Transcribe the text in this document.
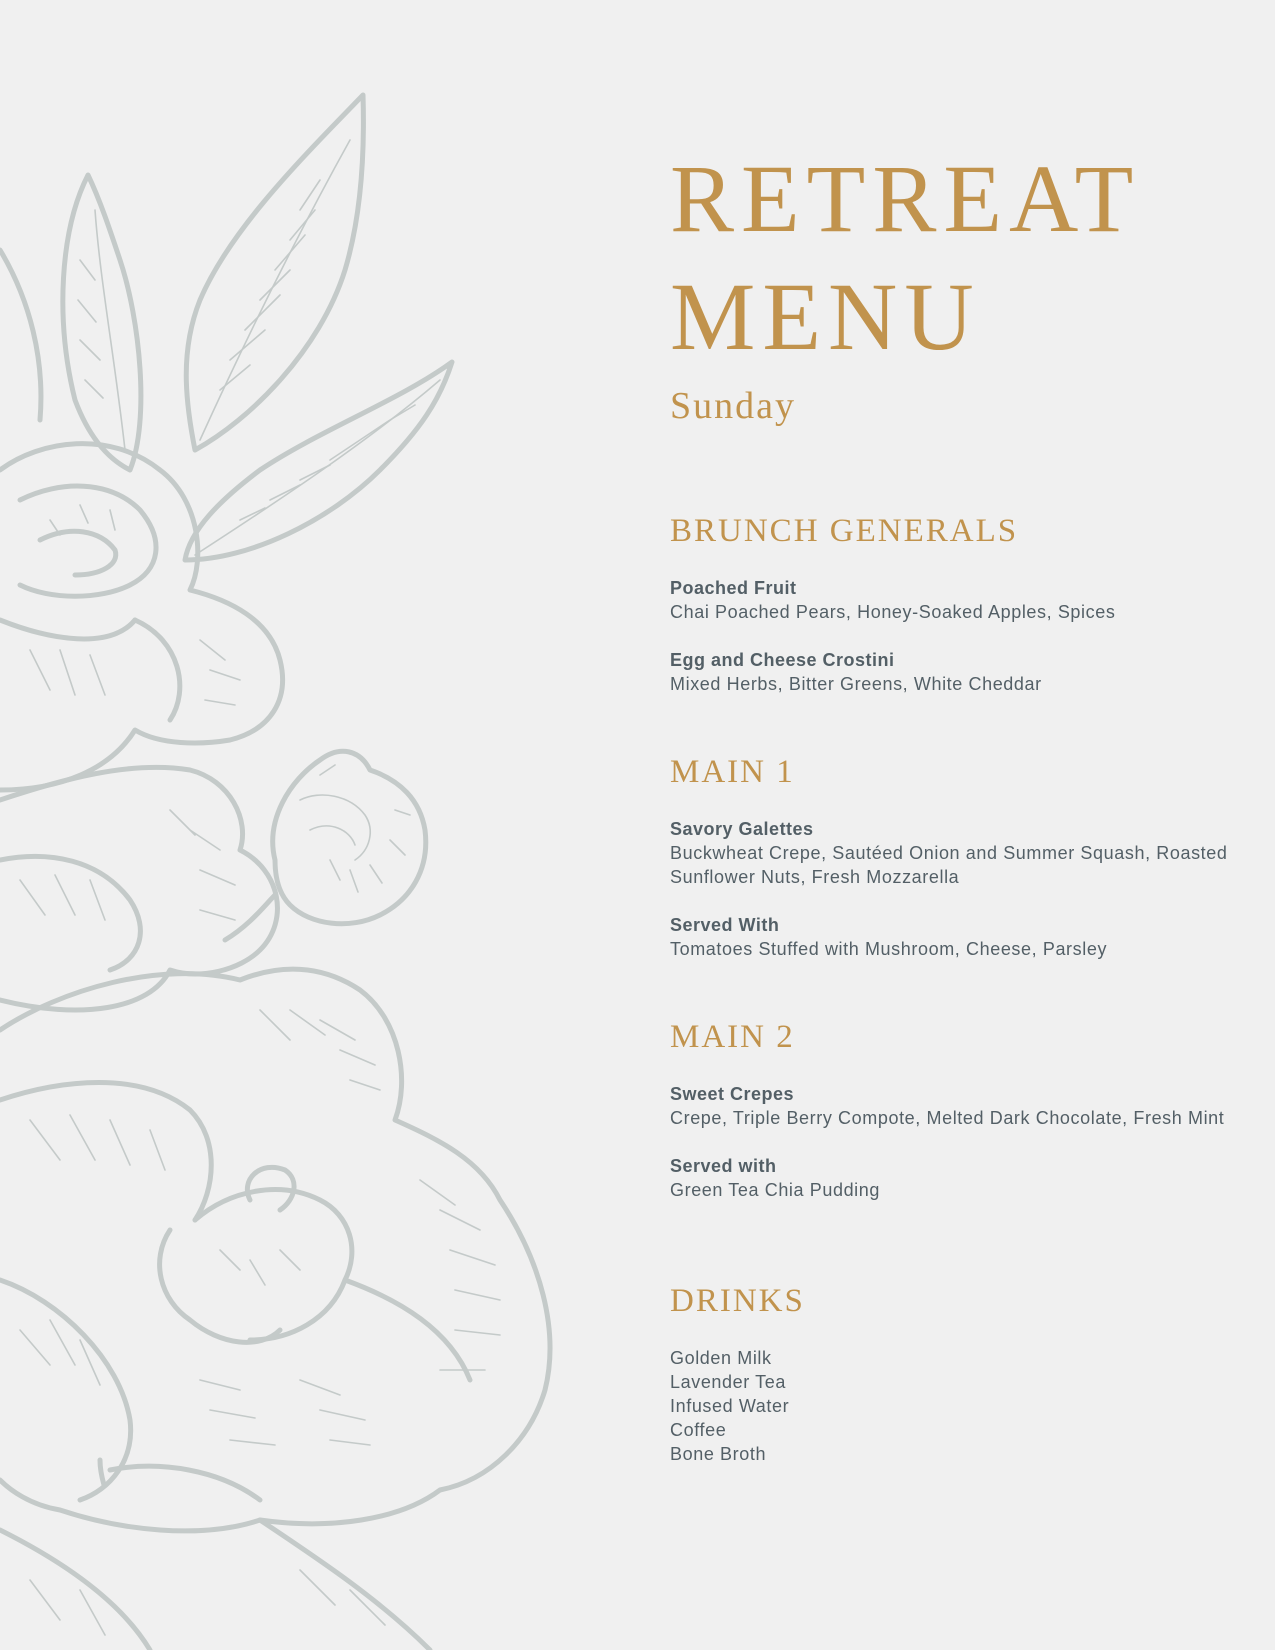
RETREAT
MENU
Sunday
BRUNCH GENERALS
Poached Fruit
Chai Poached Pears, Honey-Soaked Apples, Spices
Egg and Cheese Crostini
Mixed Herbs, Bitter Greens, White Cheddar
MAIN 1
Savory Galettes
Buckwheat Crepe, Sautéed Onion and Summer Squash, Roasted Sunflower Nuts, Fresh Mozzarella
Served With
Tomatoes Stuffed with Mushroom, Cheese, Parsley
MAIN 2
Sweet Crepes
Crepe, Triple Berry Compote, Melted Dark Chocolate, Fresh Mint
Served with
Green Tea Chia Pudding
DRINKS
Golden Milk
Lavender Tea
Infused Water
Coffee
Bone Broth
